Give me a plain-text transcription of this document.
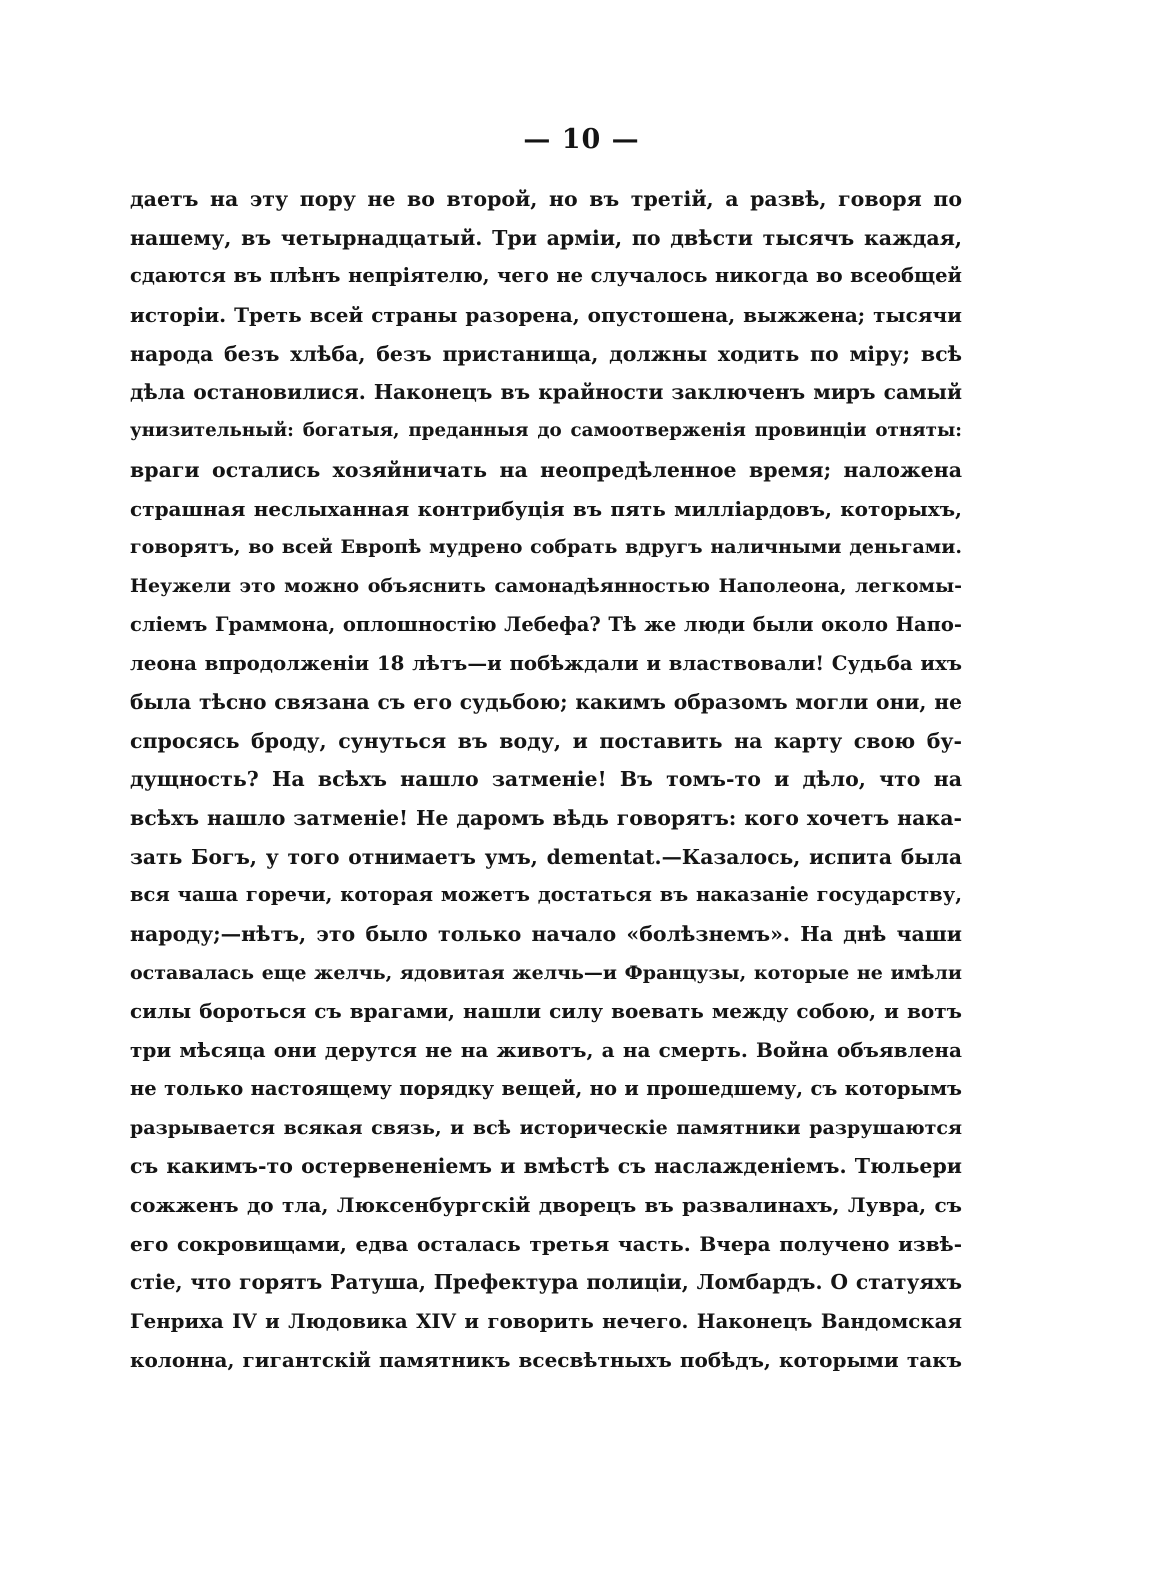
— 10 —
даетъ на эту пору не во второй, но въ третій, а развѣ, говоря по
нашему, въ четырнадцатый. Три арміи, по двѣсти тысячъ каждая,
сдаются въ плѣнъ непріятелю, чего не случалось никогда во всеобщей
исторіи. Треть всей страны разорена, опустошена, выжжена; тысячи
народа безъ хлѣба, безъ пристанища, должны ходить по міру; всѣ
дѣла остановилися. Наконецъ въ крайности заключенъ миръ самый
унизительный: богатыя, преданныя до самоотверженія провинціи отняты:
враги остались хозяйничать на неопредѣленное время; наложена
страшная неслыханная контрибуція въ пять милліардовъ, которыхъ,
говорятъ, во всей Европѣ мудрено собрать вдругъ наличными деньгами.
Неужели это можно объяснить самонадѣянностью Наполеона, легкомы-
сліемъ Граммона, оплошностію Лебефа? Тѣ же люди были около Напо-
леона впродолженіи 18 лѣтъ—и побѣждали и властвовали! Судьба ихъ
была тѣсно связана съ его судьбою; какимъ образомъ могли они, не
спросясь броду, сунуться въ воду, и поставить на карту свою бу-
дущность? На всѣхъ нашло затменіе! Въ томъ-то и дѣло, что на
всѣхъ нашло затменіе! Не даромъ вѣдь говорятъ: кого хочетъ нака-
зать Богъ, у того отнимаетъ умъ, dementat.—Казалось, испита была
вся чаша горечи, которая можетъ достаться въ наказаніе государству,
народу;—нѣтъ, это было только начало «болѣзнемъ». На днѣ чаши
оставалась еще желчь, ядовитая желчь—и Французы, которые не имѣли
силы бороться съ врагами, нашли силу воевать между собою, и вотъ
три мѣсяца они дерутся не на животъ, а на смерть. Война объявлена
не только настоящему порядку вещей, но и прошедшему, съ которымъ
разрывается всякая связь, и всѣ историческіе памятники разрушаются
съ какимъ-то остервененіемъ и вмѣстѣ съ наслажденіемъ. Тюльери
сожженъ до тла, Люксенбургскій дворецъ въ развалинахъ, Лувра, съ
его сокровищами, едва осталась третья часть. Вчера получено извѣ-
стіе, что горятъ Ратуша, Префектура полиціи, Ломбардъ. О статуяхъ
Генриха IV и Людовика XIV и говорить нечего. Наконецъ Вандомская
колонна, гигантскій памятникъ всесвѣтныхъ побѣдъ, которыми такъ
